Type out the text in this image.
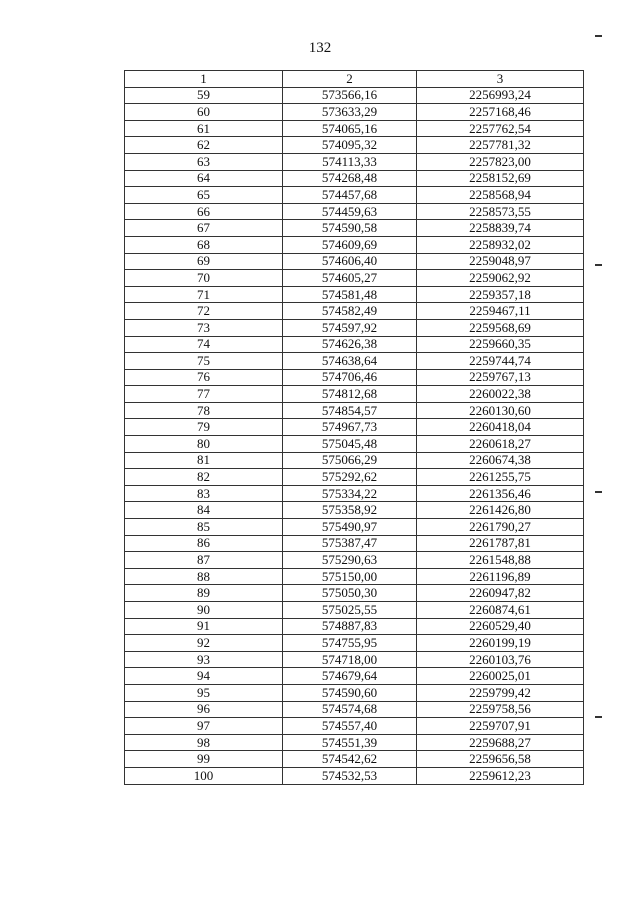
132
1	2	3
59	573566,16	2256993,24
60	573633,29	2257168,46
61	574065,16	2257762,54
62	574095,32	2257781,32
63	574113,33	2257823,00
64	574268,48	2258152,69
65	574457,68	2258568,94
66	574459,63	2258573,55
67	574590,58	2258839,74
68	574609,69	2258932,02
69	574606,40	2259048,97
70	574605,27	2259062,92
71	574581,48	2259357,18
72	574582,49	2259467,11
73	574597,92	2259568,69
74	574626,38	2259660,35
75	574638,64	2259744,74
76	574706,46	2259767,13
77	574812,68	2260022,38
78	574854,57	2260130,60
79	574967,73	2260418,04
80	575045,48	2260618,27
81	575066,29	2260674,38
82	575292,62	2261255,75
83	575334,22	2261356,46
84	575358,92	2261426,80
85	575490,97	2261790,27
86	575387,47	2261787,81
87	575290,63	2261548,88
88	575150,00	2261196,89
89	575050,30	2260947,82
90	575025,55	2260874,61
91	574887,83	2260529,40
92	574755,95	2260199,19
93	574718,00	2260103,76
94	574679,64	2260025,01
95	574590,60	2259799,42
96	574574,68	2259758,56
97	574557,40	2259707,91
98	574551,39	2259688,27
99	574542,62	2259656,58
100	574532,53	2259612,23
